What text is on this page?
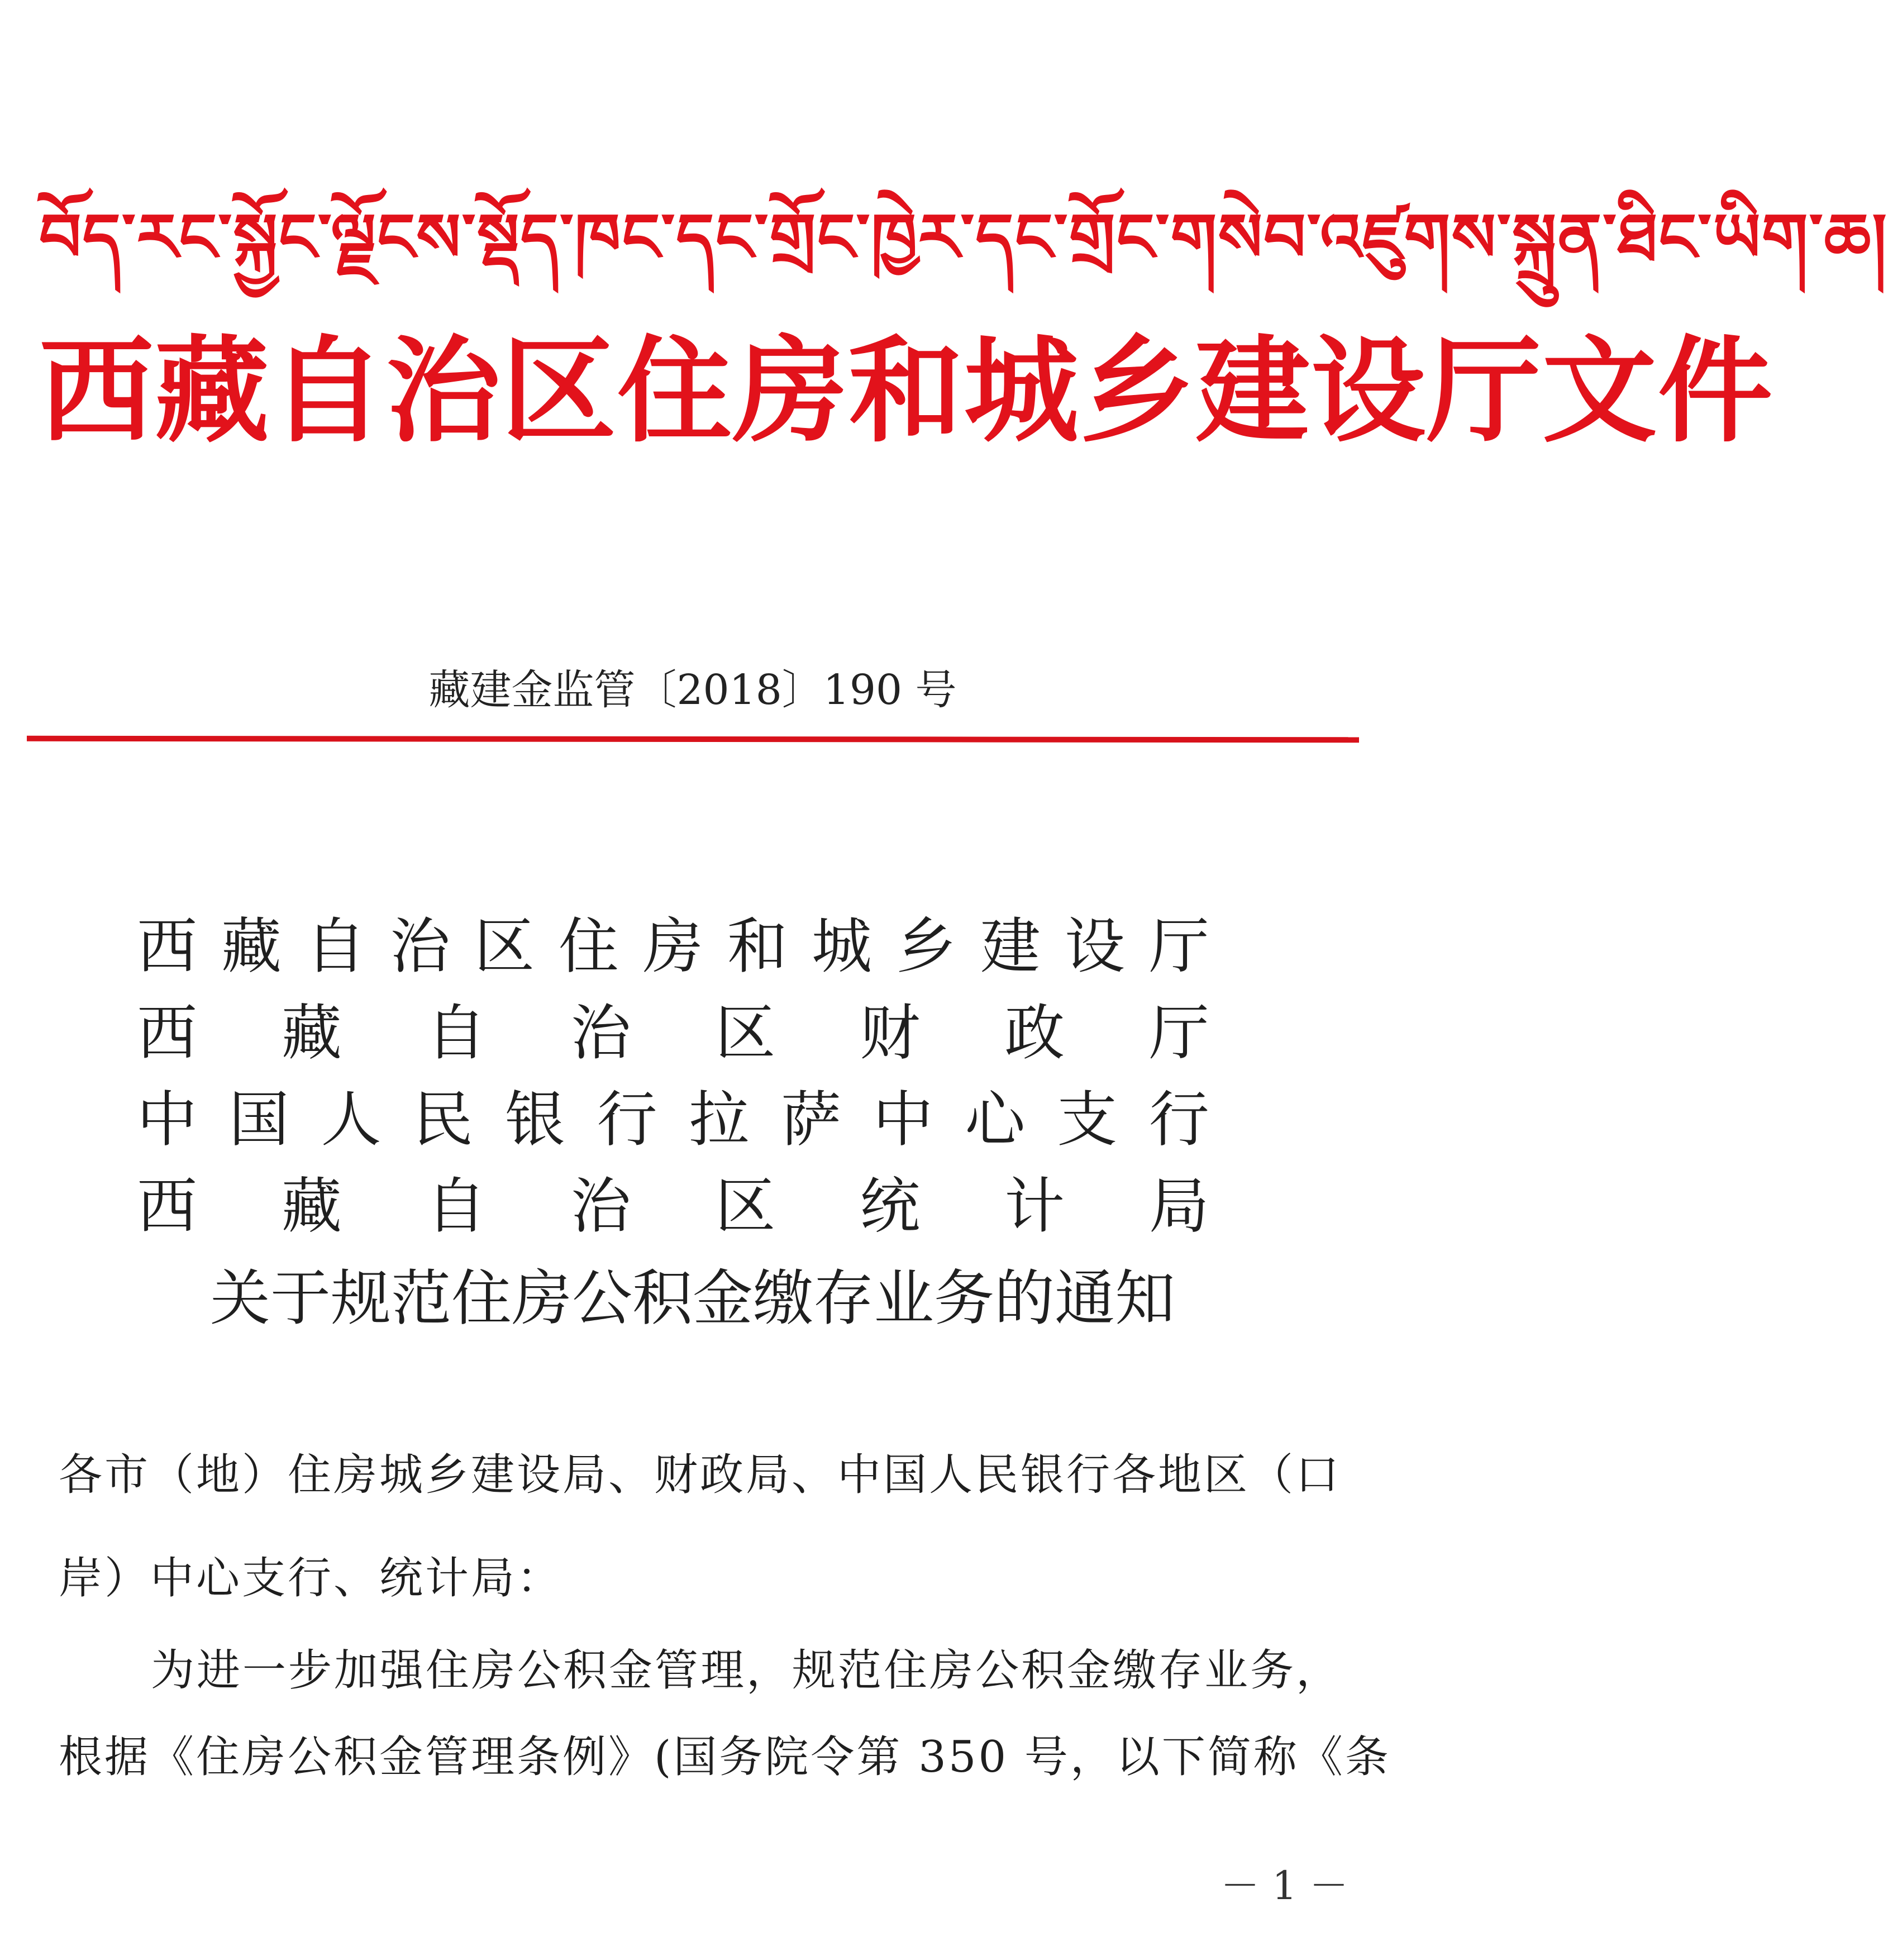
བོད་རང་སྐྱོང་ལྗོངས་སྡོད་ཁང་དང་གྲོང་ཁྱེར་དང་གྲོང་གསེབ་འཛུགས་སྐྲུན་ཐིང་ཡིག་ཆ།
西藏自治区住房和城乡建设厅文件
藏建金监管〔2018〕190 号
西 藏 自 治 区 住 房 和 城 乡 建 设 厅
西 藏 自 治 区 财 政 厅
中 国 人 民 银 行 拉 萨 中 心 支 行
西 藏 自 治 区 统 计 局
关于规范住房公积金缴存业务的通知
各市（地）住房城乡建设局、财政局、中国人民银行各地区（口
岸）中心支行、统计局：
为进一步加强住房公积金管理，规范住房公积金缴存业务，
根据《住房公积金管理条例》(国务院令第 350 号，以下简称《条
－ 1 －
